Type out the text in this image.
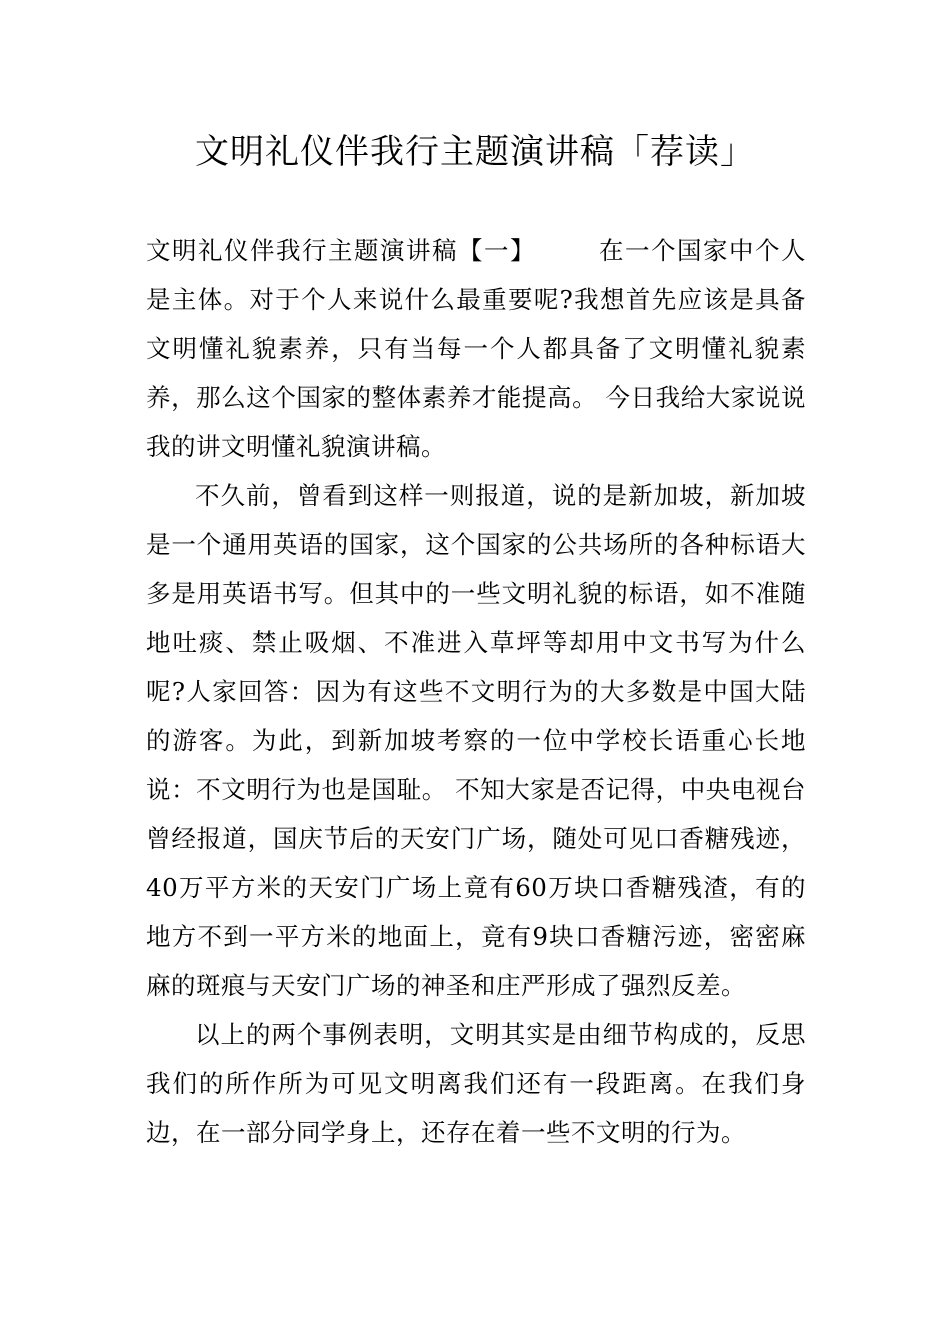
文明礼仪伴我行主题演讲稿「荐读」

文明礼仪伴我行主题演讲稿【一】	在一个国家中个人是主体。对于个人来说什么最重要呢?我想首先应该是具备文明懂礼貌素养，只有当每一个人都具备了文明懂礼貌素养，那么这个国家的整体素养才能提高。 今日我给大家说说我的讲文明懂礼貌演讲稿。

不久前，曾看到这样一则报道，说的是新加坡，新加坡是一个通用英语的国家，这个国家的公共场所的各种标语大多是用英语书写。但其中的一些文明礼貌的标语，如不准随地吐痰、禁止吸烟、不准进入草坪等却用中文书写为什么呢?人家回答：因为有这些不文明行为的大多数是中国大陆的游客。为此，到新加坡考察的一位中学校长语重心长地说：不文明行为也是国耻。 不知大家是否记得，中央电视台曾经报道，国庆节后的天安门广场，随处可见口香糖残迹，40万平方米的天安门广场上竟有60万块口香糖残渣，有的地方不到一平方米的地面上，竟有9块口香糖污迹，密密麻麻的斑痕与天安门广场的神圣和庄严形成了强烈反差。

以上的两个事例表明，文明其实是由细节构成的，反思我们的所作所为可见文明离我们还有一段距离。在我们身边，在一部分同学身上，还存在着一些不文明的行为。
